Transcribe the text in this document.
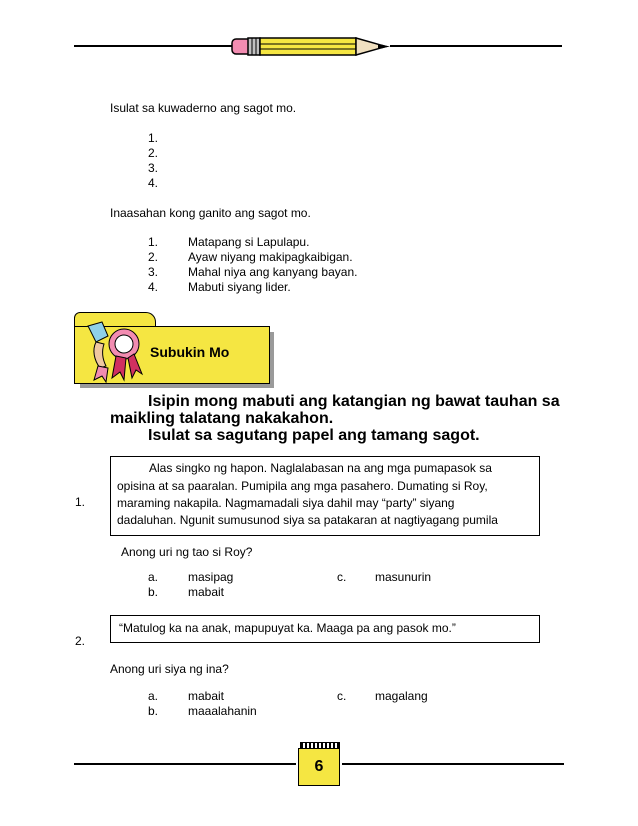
Isulat sa kuwaderno ang sagot mo.
1.
2.
3.
4.
Inaasahan kong ganito ang sagot mo.
1. Matapang si Lapulapu.
2. Ayaw niyang makipagkaibigan.
3. Mahal niya ang kanyang bayan.
4. Mabuti siyang lider.
Subukin Mo
Isipin mong mabuti ang katangian ng bawat tauhan sa
maikling talatang nakakahon.
Isulat sa sagutang papel ang tamang sagot.
1.
Alas singko ng hapon. Naglalabasan na ang mga pumapasok sa
opisina at sa paaralan. Pumipila ang mga pasahero. Dumating si Roy,
maraming nakapila. Nagmamadali siya dahil may “party” siyang
dadaluhan. Ngunit sumusunod siya sa patakaran at nagtiyagang pumila
Anong uri ng tao si Roy?
a. masipag
b. mabait
c. masunurin
2.
“Matulog ka na anak, mapupuyat ka. Maaga pa ang pasok mo.”
Anong uri siya ng ina?
a. mabait
b. maaalahanin
c. magalang
6
